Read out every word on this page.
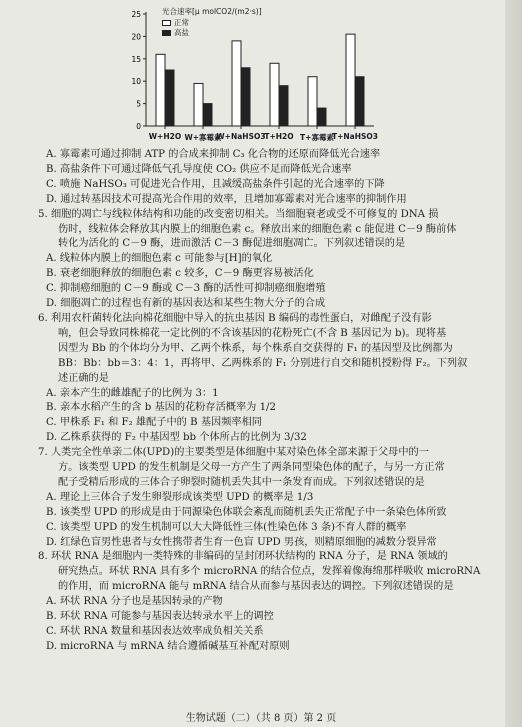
0
5
10
15
20
25	光合速率[μ molCO2/(m2·s)]
正常
高盐
W+H2O W+寡霉素
W+NaHSO3
T+H2O T+寡霉素
T+NaHSO3
A. 寡霉素可通过抑制 ATP 的合成来抑制 C₃ 化合物的还原而降低光合速率
B. 高盐条件下可通过降低气孔导度使 CO₂ 供应不足而降低光合速率
C. 喷施 NaHSO₃ 可促进光合作用，且减缓高盐条件引起的光合速率的下降
D. 通过转基因技术可提高光合作用的效率，且增加寡霉素对光合速率的抑制作用
5. 细胞的凋亡与线粒体结构和功能的改变密切相关。当细胞衰老或受不可修复的 DNA 损
伤时，线粒体会释放其内膜上的细胞色素 c。释放出来的细胞色素 c 能促进 C－9 酶前体
转化为活化的 C－9 酶，进而激活 C－3 酶促进细胞凋亡。下列叙述错误的是
A. 线粒体内膜上的细胞色素 c 可能参与[H]的氧化
B. 衰老细胞释放的细胞色素 c 较多，C－9 酶更容易被活化
C. 抑制癌细胞的 C－9 酶或 C－3 酶的活性可抑制癌细胞增殖
D. 细胞凋亡的过程也有新的基因表达和某些生物大分子的合成
6. 利用农杆菌转化法向棉花细胞中导入的抗虫基因 B 编码的毒性蛋白，对雌配子没有影
响，但会导致同株棉花一定比例的不含该基因的花粉死亡(不含 B 基因记为 b)。现将基
因型为 Bb 的个体均分为甲、乙两个株系，每个株系自交获得的 F₁ 的基因型及比例都为
BB：Bb：bb＝3：4：1，再将甲、乙两株系的 F₁ 分别进行自交和随机授粉得 F₂。下列叙
述正确的是
A. 亲本产生的雌雄配子的比例为 3：1
B. 亲本水稻产生的含 b 基因的花粉存活概率为 1/2
C. 甲株系 F₁ 和 F₂ 雄配子中的 B 基因频率相同
D. 乙株系获得的 F₂ 中基因型 bb 个体所占的比例为 3/32
7. 人类完全性单亲二体(UPD)的主要类型是体细胞中某对染色体全部来源于父母中的一
方。该类型 UPD 的发生机制是父母一方产生了两条同型染色体的配子，与另一方正常
配子受精后形成的三体合子卵裂时随机丢失其中一条发育而成。下列叙述错误的是
A. 理论上三体合子发生卵裂形成该类型 UPD 的概率是 1/3
B. 该类型 UPD 的形成是由于同源染色体联会紊乱而随机丢失正常配子中一条染色体所致
C. 该类型 UPD 的发生机制可以大大降低性三体(性染色体 3 条)不育人群的概率
D. 红绿色盲男性患者与女性携带者生育一色盲 UPD 男孩，则精原细胞的减数分裂异常
8. 环状 RNA 是细胞内一类特殊的非编码的呈封闭环状结构的 RNA 分子，是 RNA 领域的
研究热点。环状 RNA 具有多个 microRNA 的结合位点，发挥着像海绵那样吸收 microRNA
的作用，而 microRNA 能与 mRNA 结合从而参与基因表达的调控。下列叙述错误的是
A. 环状 RNA 分子也是基因转录的产物
B. 环状 RNA 可能参与基因表达转录水平上的调控
C. 环状 RNA 数量和基因表达效率成负相关关系
D. microRNA 与 mRNA 结合遵循碱基互补配对原则
生物试题（二）（共 8 页）第 2 页
